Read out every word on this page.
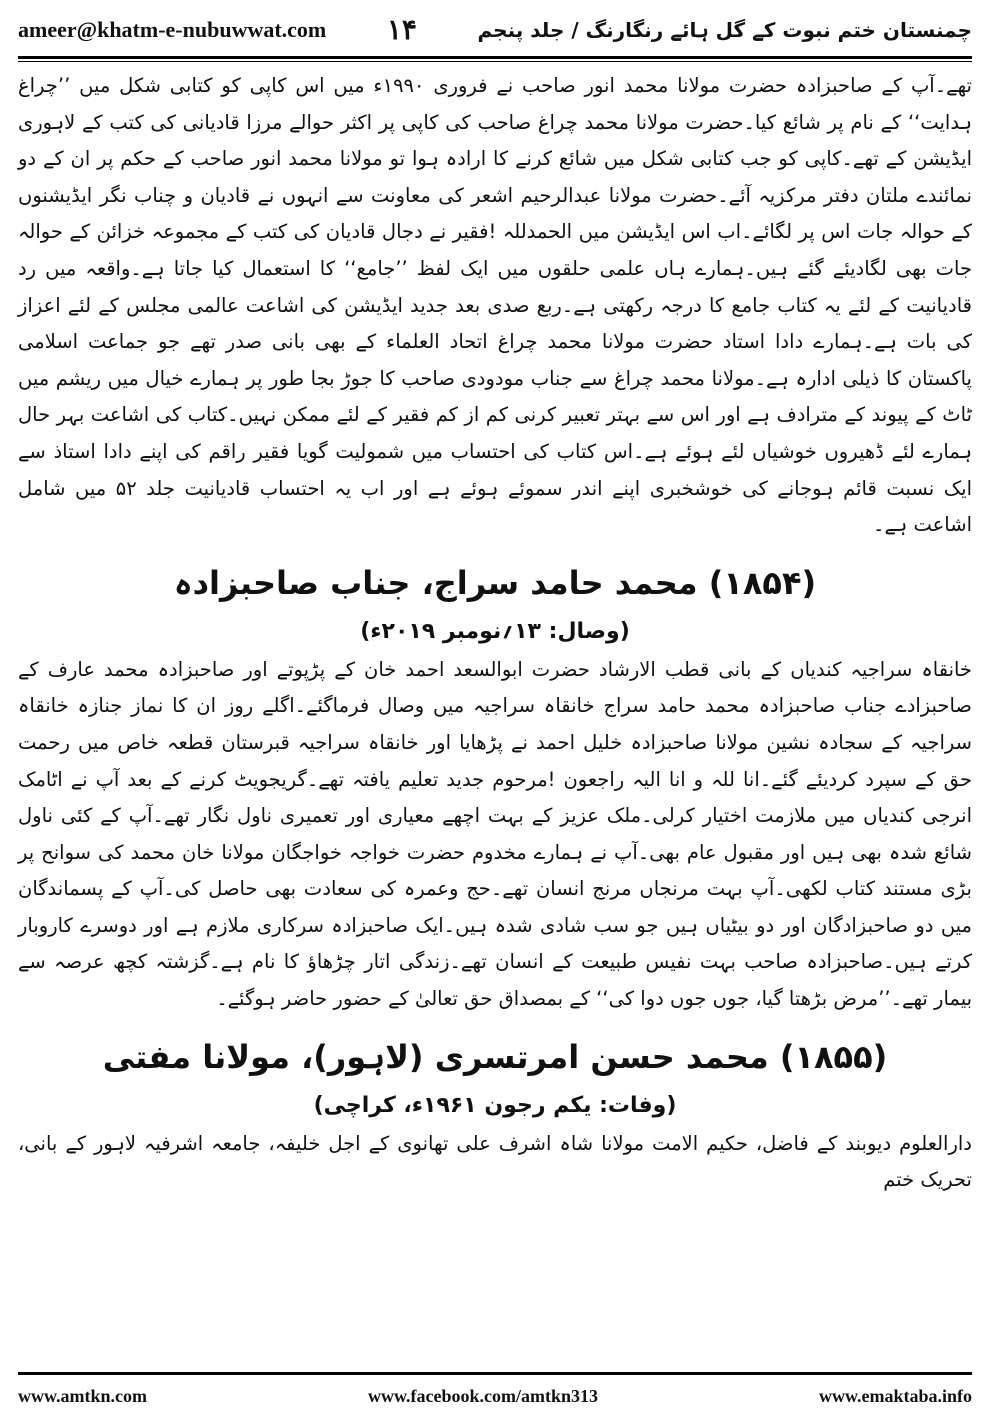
ameer@khatm-e-nubuwwat.com ۱۴	چمنستان ختم نبوت کے گل ہائے رنگارنگ / جلد پنجم

تھے۔آپ کے صاحبزادہ حضرت مولانا محمد انور صاحب نے فروری ۱۹۹۰ء میں اس کاپی کو کتابی شکل میں ’’چراغ ہدایت‘‘ کے نام پر شائع کیا۔حضرت مولانا محمد چراغ صاحب کی کاپی پر اکثر حوالے مرزا قادیانی کی کتب کے لاہوری ایڈیشن کے تھے۔کاپی کو جب کتابی شکل میں شائع کرنے کا ارادہ ہوا تو مولانا محمد انور صاحب کے حکم پر ان کے دو نمائندے ملتان دفتر مرکزیہ آئے۔حضرت مولانا عبدالرحیم اشعر کی معاونت سے انہوں نے قادیان و چناب نگر ایڈیشنوں کے حوالہ جات اس پر لگائے۔اب اس ایڈیشن میں الحمدللہ !فقیر نے دجال قادیان کی کتب کے مجموعہ خزائن کے حوالہ جات بھی لگادیئے گئے ہیں۔ہمارے ہاں علمی حلقوں میں ایک لفظ ’’جامع‘‘ کا استعمال کیا جاتا ہے۔واقعہ میں رد قادیانیت کے لئے یہ کتاب جامع کا درجہ رکھتی ہے۔ربع صدی بعد جدید ایڈیشن کی اشاعت عالمی مجلس کے لئے اعزاز کی بات ہے۔ہمارے دادا استاد حضرت مولانا محمد چراغ اتحاد العلماء کے بھی بانی صدر تھے جو جماعت اسلامی پاکستان کا ذیلی ادارہ ہے۔مولانا محمد چراغ سے جناب مودودی صاحب کا جوڑ بجا طور پر ہمارے خیال میں ریشم میں ٹاٹ کے پیوند کے مترادف ہے اور اس سے بہتر تعبیر کرنی کم از کم فقیر کے لئے ممکن نہیں۔کتاب کی اشاعت بہر حال ہمارے لئے ڈھیروں خوشیاں لئے ہوئے ہے۔اس کتاب کی احتساب میں شمولیت گویا فقیر راقم کی اپنے دادا استاذ سے ایک نسبت قائم ہوجانے کی خوشخبری اپنے اندر سموئے ہوئے ہے اور اب یہ احتساب قادیانیت جلد ۵۲ میں شامل اشاعت ہے۔

(۱۸۵۴) محمد حامد سراج، جناب صاحبزادہ

(وصال: ۱۳؍نومبر ۲۰۱۹ء)

خانقاہ سراجیہ کندیاں کے بانی قطب الارشاد حضرت ابوالسعد احمد خان کے پڑپوتے اور صاحبزادہ محمد عارف کے صاحبزادے جناب صاحبزادہ محمد حامد سراج خانقاہ سراجیہ میں وصال فرماگئے۔اگلے روز ان کا نماز جنازہ خانقاہ سراجیہ کے سجادہ نشین مولانا صاحبزادہ خلیل احمد نے پڑھایا اور خانقاہ سراجیہ قبرستان قطعہ خاص میں رحمت حق کے سپرد کردیئے گئے۔انا للہ و انا الیہ راجعون !مرحوم جدید تعلیم یافتہ تھے۔گریجویٹ کرنے کے بعد آپ نے اٹامک انرجی کندیاں میں ملازمت اختیار کرلی۔ملک عزیز کے بہت اچھے معیاری اور تعمیری ناول نگار تھے۔آپ کے کئی ناول شائع شدہ بھی ہیں اور مقبول عام بھی۔آپ نے ہمارے مخدوم حضرت خواجہ خواجگان مولانا خان محمد کی سوانح پر بڑی مستند کتاب لکھی۔آپ بہت مرنجاں مرنج انسان تھے۔حج وعمرہ کی سعادت بھی حاصل کی۔آپ کے پسماندگان میں دو صاحبزادگان اور دو بیٹیاں ہیں جو سب شادی شدہ ہیں۔ایک صاحبزادہ سرکاری ملازم ہے اور دوسرے کاروبار کرتے ہیں۔صاحبزادہ صاحب بہت نفیس طبیعت کے انسان تھے۔زندگی اتار چڑھاؤ کا نام ہے۔گزشتہ کچھ عرصہ سے بیمار تھے۔’’مرض بڑھتا گیا، جوں جوں دوا کی‘‘ کے بمصداق حق تعالیٰ کے حضور حاضر ہوگئے۔

(۱۸۵۵) محمد حسن امرتسری (لاہور)، مولانا مفتی

(وفات: یکم رجون ۱۹۶۱ء، کراچی)

دارالعلوم دیوبند کے فاضل، حکیم الامت مولانا شاہ اشرف علی تھانوی کے اجل خلیفہ، جامعہ اشرفیہ لاہور کے بانی، تحریک ختم

www.amtkn.com	www.facebook.com/amtkn313	www.emaktaba.info
